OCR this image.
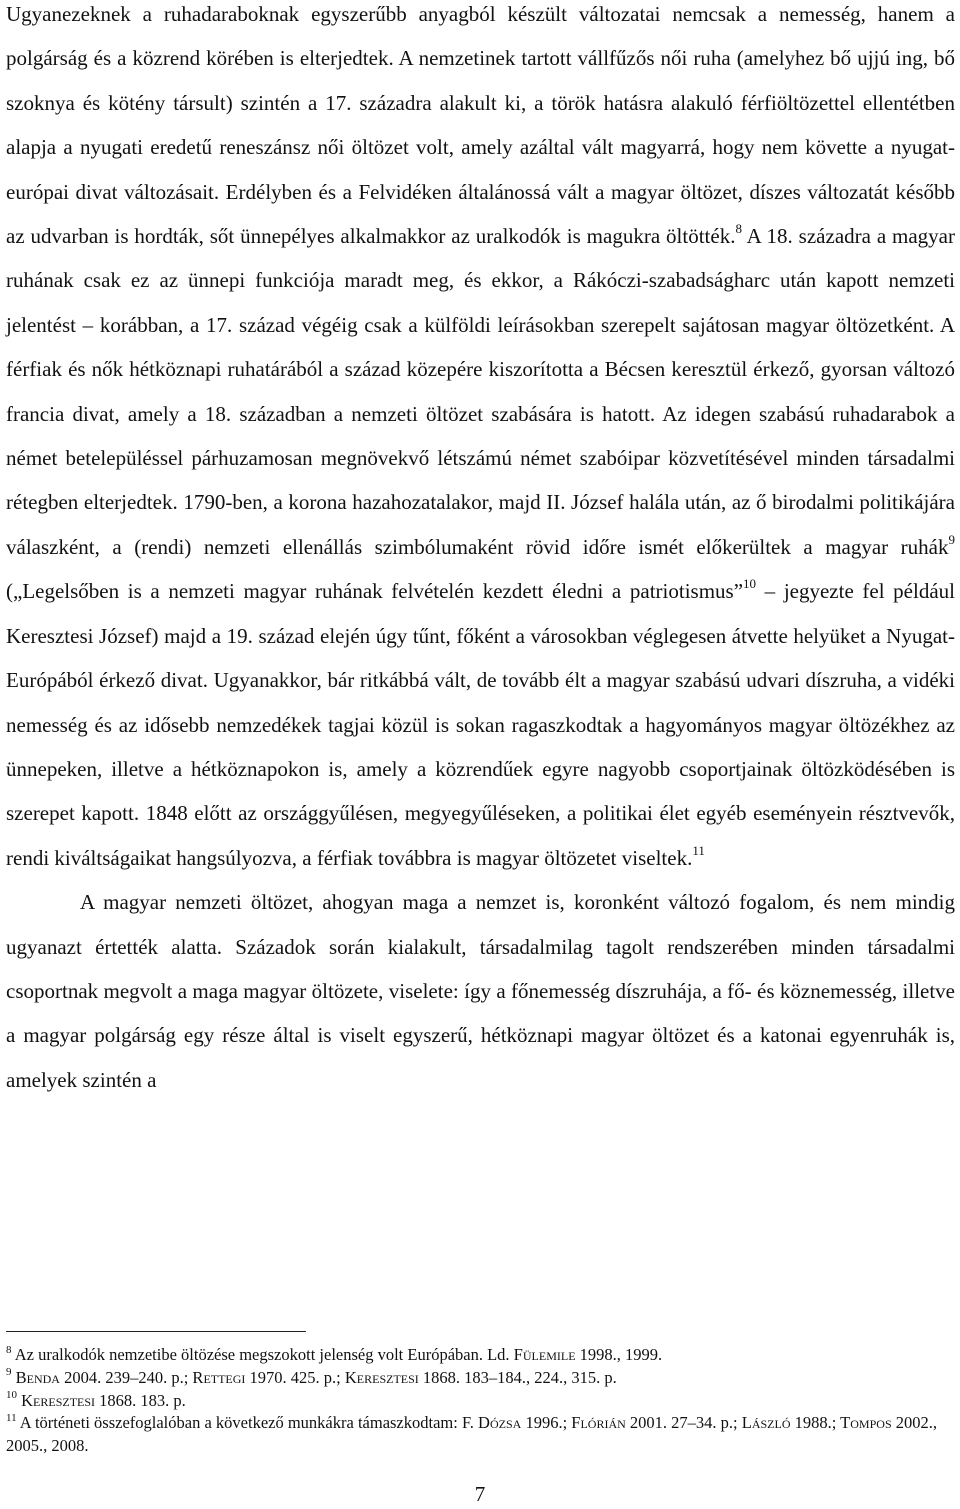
Ugyanezeknek a ruhadaraboknak egyszerűbb anyagból készült változatai nemcsak a nemesség, hanem a polgárság és a közrend körében is elterjedtek. A nemzetinek tartott vállfűzős női ruha (amelyhez bő ujjú ing, bő szoknya és kötény társult) szintén a 17. századra alakult ki, a török hatásra alakuló férfiöltözettel ellentétben alapja a nyugati eredetű reneszánsz női öltözet volt, amely azáltal vált magyarrá, hogy nem követte a nyugat-európai divat változásait. Erdélyben és a Felvidéken általánossá vált a magyar öltözet, díszes változatát később az udvarban is hordták, sőt ünnepélyes alkalmakkor az uralkodók is magukra öltötték.$^8$ A 18. századra a magyar ruhának csak ez az ünnepi funkciója maradt meg, és ekkor, a Rákóczi-szabadságharc után kapott nemzeti jelentést – korábban, a 17. század végéig csak a külföldi leírásokban szerepelt sajátosan magyar öltözetként. A férfiak és nők hétköznapi ruhatárából a század közepére kiszorította a Bécsen keresztül érkező, gyorsan változó francia divat, amely a 18. században a nemzeti öltözet szabására is hatott. Az idegen szabású ruhadarabok a német betelepüléssel párhuzamosan megnövekvő létszámú német szabóipar közvetítésével minden társadalmi rétegben elterjedtek. 1790-ben, a korona hazahozatalakor, majd II. József halála után, az ő birodalmi politikájára válaszként, a (rendi) nemzeti ellenállás szimbólumaként rövid időre ismét előkerültek a magyar ruhák$^9$ („Legelsőben is a nemzeti magyar ruhának felvételén kezdett éledni a patriotismus”$^{10}$ – jegyezte fel például Keresztesi József) majd a 19. század elején úgy tűnt, főként a városokban véglegesen átvette helyüket a Nyugat-Európából érkező divat. Ugyanakkor, bár ritkábbá vált, de tovább élt a magyar szabású udvari díszruha, a vidéki nemesség és az idősebb nemzedékek tagjai közül is sokan ragaszkodtak a hagyományos magyar öltözékhez az ünnepeken, illetve a hétköznapokon is, amely a közrendűek egyre nagyobb csoportjainak öltözködésében is szerepet kapott. 1848 előtt az országgyűlésen, megyegyűléseken, a politikai élet egyéb eseményein résztvevők, rendi kiváltságaikat hangsúlyozva, a férfiak továbbra is magyar öltözetet viseltek.$^{11}$

A magyar nemzeti öltözet, ahogyan maga a nemzet is, koronként változó fogalom, és nem mindig ugyanazt értették alatta. Századok során kialakult, társadalmilag tagolt rendszerében minden társadalmi csoportnak megvolt a maga magyar öltözete, viselete: így a főnemesség díszruhája, a fő- és köznemesség, illetve a magyar polgárság egy része által is viselt egyszerű, hétköznapi magyar öltözet és a katonai egyenruhák is, amelyek szintén a

$^8$ Az uralkodók nemzetibe öltözése megszokott jelenség volt Európában. Ld. Fülemile 1998., 1999.

$^9$ Benda 2004. 239–240. p.; Rettegi 1970. 425. p.; Keresztesi 1868. 183–184., 224., 315. p.

$^{10}$ Keresztesi 1868. 183. p.

$^{11}$ A történeti összefoglalóban a következő munkákra támaszkodtam: F. Dózsa 1996.; Flórián 2001. 27–34. p.; László 1988.; Tompos 2002., 2005., 2008.

7
